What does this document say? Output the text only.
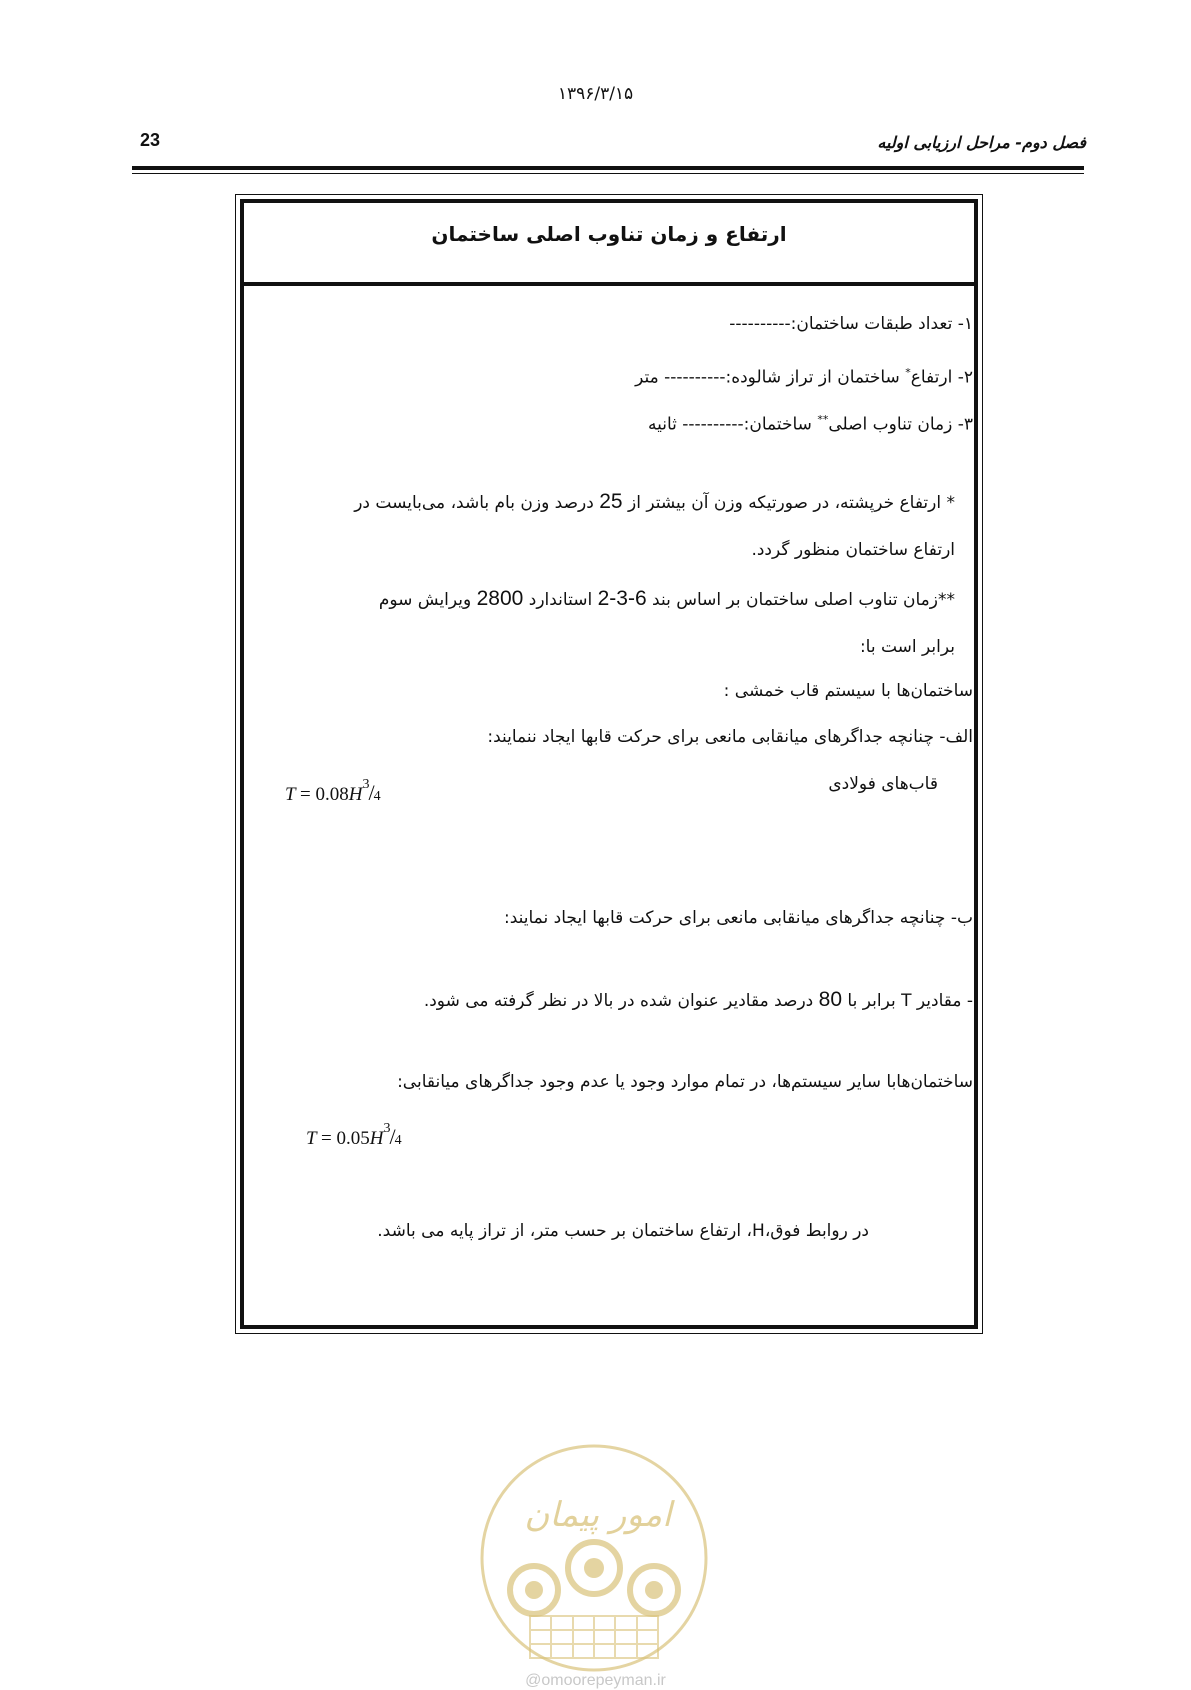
۱۳۹۶/۳/۱۵
23	فصل دوم- مراحل ارزیابی اولیه
ارتفاع و زمان تناوب اصلی ساختمان
۱- تعداد طبقات ساختمان:----------
۲- ارتفاع* ساختمان از تراز شالوده:---------- متر
۳- زمان تناوب اصلی** ساختمان:---------- ثانیه
* ارتفاع خرپشته، در صورتیکه وزن آن بیشتر از 25 درصد وزن بام باشد، می‌بایست در
ارتفاع ساختمان منظور گردد.
**زمان تناوب اصلی ساختمان بر اساس بند 2-3-6 استاندارد 2800 ویرایش سوم
برابر است با:
ساختمان‌ها با سیستم قاب خمشی :
الف- چنانچه جداگرهای میانقابی مانعی برای حرکت قابها ایجاد ننمایند:
قاب‌های فولادی
$T = 0.08H^3/4$
ب- چنانچه جداگرهای میانقابی مانعی برای حرکت قابها ایجاد نمایند:
- مقادیر T برابر با 80 درصد مقادیر عنوان شده در بالا در نظر گرفته می شود.
ساختمان‌هابا سایر سیستم‌ها، در تمام موارد وجود یا عدم وجود جداگرهای میانقابی:
$T = 0.05H^3/4$
در روابط فوق،H، ارتفاع ساختمان بر حسب متر، از تراز پایه می باشد.
امور پیمان
@omoorepeyman.ir
